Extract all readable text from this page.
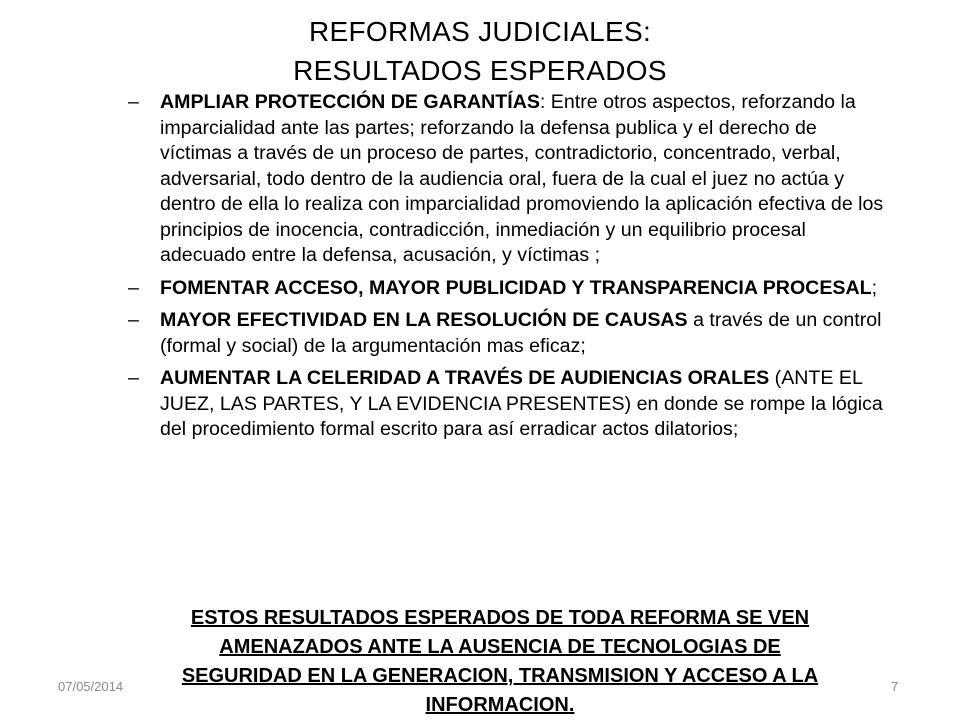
REFORMAS JUDICIALES:
RESULTADOS ESPERADOS
– AMPLIAR PROTECCIÓN DE GARANTÍAS: Entre otros aspectos, reforzando la imparcialidad ante las partes; reforzando la defensa publica y el derecho de víctimas a través de un proceso de partes, contradictorio, concentrado, verbal, adversarial, todo dentro de la audiencia oral, fuera de la cual el juez no actúa y dentro de ella lo realiza con imparcialidad promoviendo la aplicación efectiva de los principios de inocencia, contradicción, inmediación y un equilibrio procesal adecuado entre la defensa, acusación, y víctimas ;
– FOMENTAR ACCESO, MAYOR PUBLICIDAD Y TRANSPARENCIA PROCESAL;
– MAYOR EFECTIVIDAD EN LA RESOLUCIÓN DE CAUSAS a través de un control (formal y social) de la argumentación mas eficaz;
– AUMENTAR LA CELERIDAD A TRAVÉS DE AUDIENCIAS ORALES (ANTE EL JUEZ, LAS PARTES, Y LA EVIDENCIA PRESENTES) en donde se rompe la lógica del procedimiento formal escrito para así erradicar actos dilatorios;
ESTOS RESULTADOS ESPERADOS DE TODA REFORMA SE VEN AMENAZADOS ANTE LA AUSENCIA DE TECNOLOGIAS DE SEGURIDAD EN LA GENERACION, TRANSMISION Y ACCESO A LA INFORMACION.
07/05/2014	7
